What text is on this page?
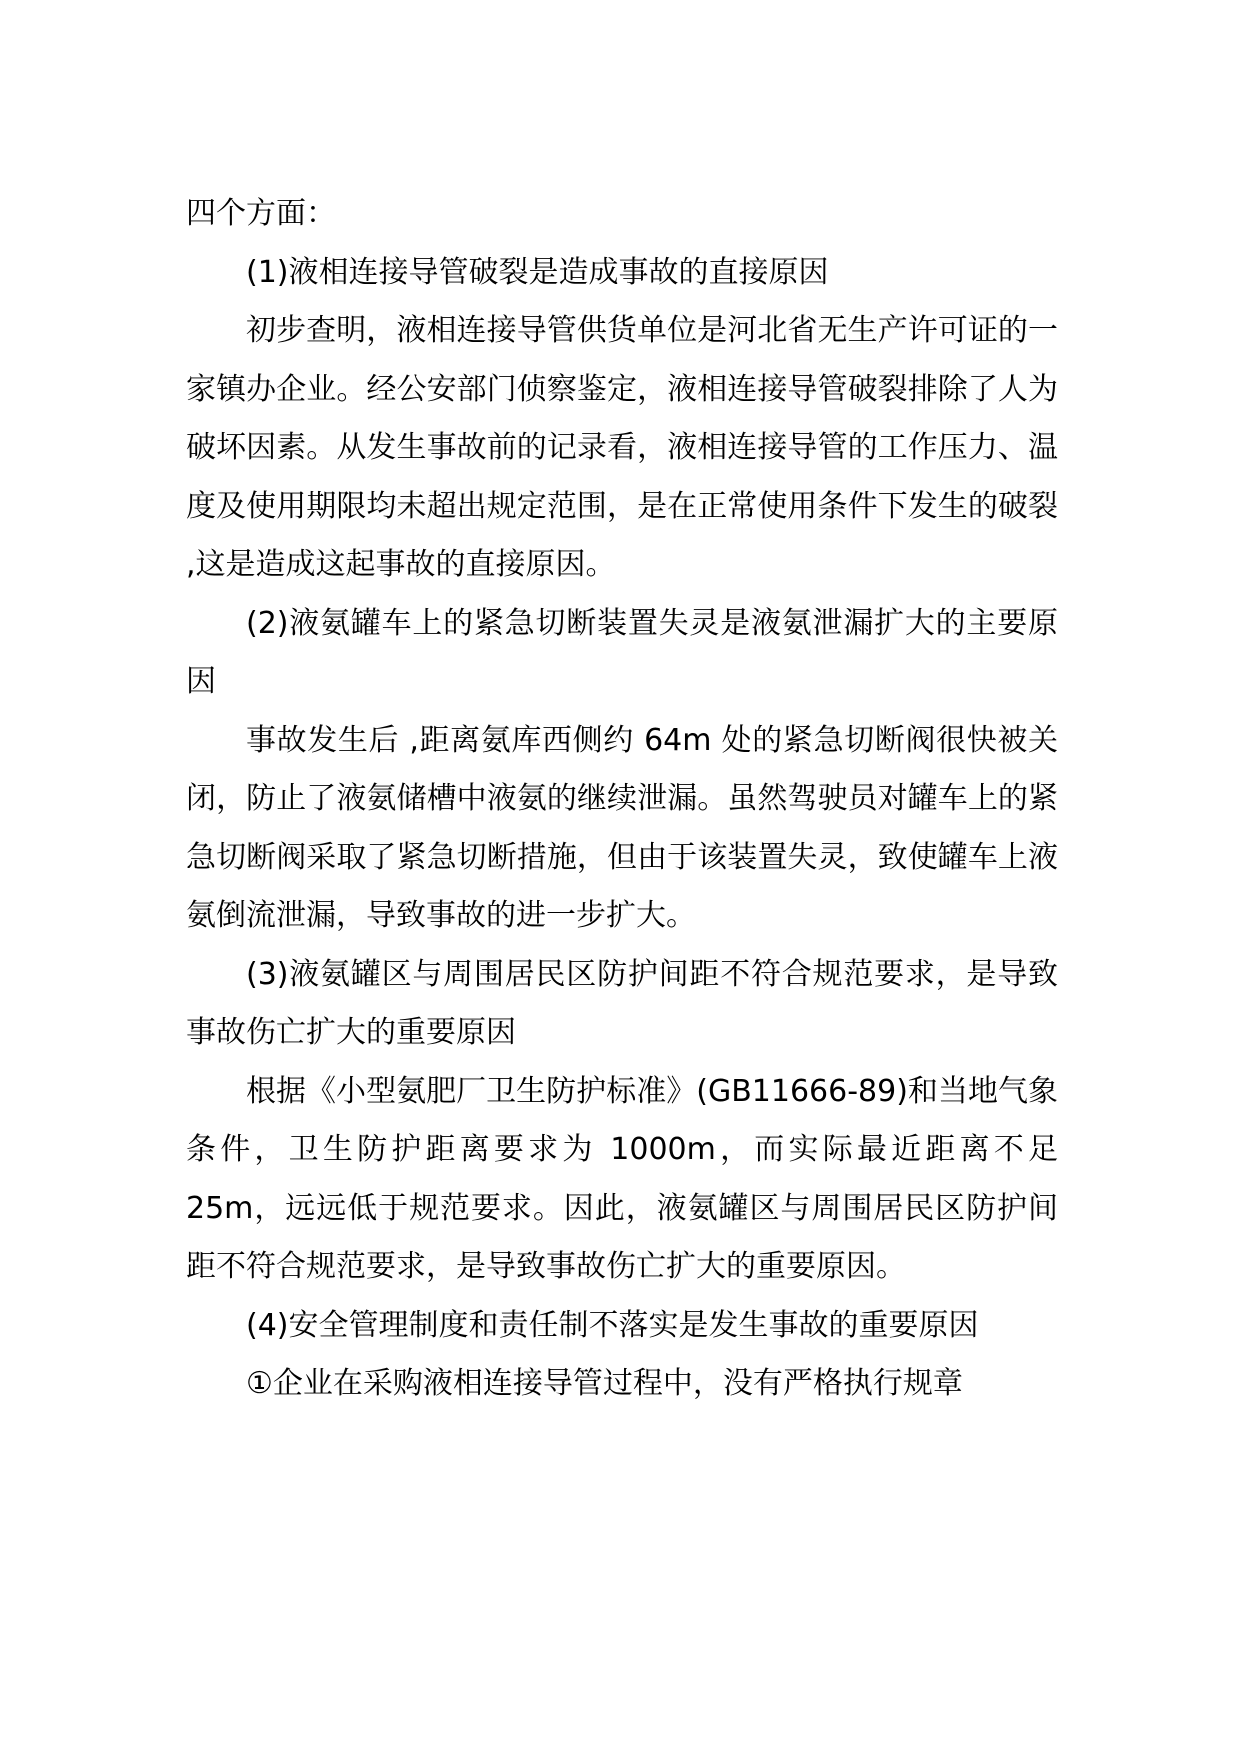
四个方面：

(1)液相连接导管破裂是造成事故的直接原因

初步查明，液相连接导管供货单位是河北省无生产许可证的一家镇办企业。经公安部门侦察鉴定，液相连接导管破裂排除了人为破坏因素。从发生事故前的记录看，液相连接导管的工作压力、温度及使用期限均未超出规定范围，是在正常使用条件下发生的破裂 ,这是造成这起事故的直接原因。

(2)液氨罐车上的紧急切断装置失灵是液氨泄漏扩大的主要原因

事故发生后 ,距离氨库西侧约 64m 处的紧急切断阀很快被关闭，防止了液氨储槽中液氨的继续泄漏。虽然驾驶员对罐车上的紧急切断阀采取了紧急切断措施，但由于该装置失灵，致使罐车上液氨倒流泄漏，导致事故的进一步扩大。

(3)液氨罐区与周围居民区防护间距不符合规范要求，是导致事故伤亡扩大的重要原因

根据《小型氨肥厂卫生防护标准》(GB11666-89)和当地气象条件，卫生防护距离要求为 1000m，而实际最近距离不足 25m，远远低于规范要求。因此，液氨罐区与周围居民区防护间距不符合规范要求，是导致事故伤亡扩大的重要原因。

(4)安全管理制度和责任制不落实是发生事故的重要原因

①企业在采购液相连接导管过程中，没有严格执行规章
